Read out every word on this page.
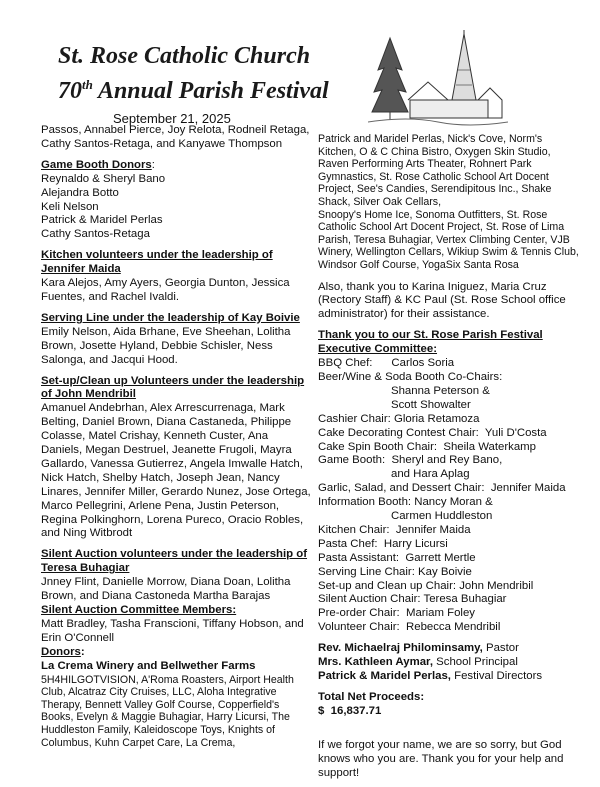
St. Rose Catholic Church
70th Annual Parish Festival
September 21, 2025

Passos, Annabel Pierce, Joy Relota, Rodneil Retaga, Cathy Santos-Retaga, and Kanyawe Thompson

Game Booth Donors:

Reynaldo & Sheryl Bano
Alejandra Botto
Keli Nelson
Patrick & Maridel Perlas
Cathy Santos-Retaga

Kitchen volunteers under the leadership of Jennifer Maida
Kara Alejos, Amy Ayers, Georgia Dunton, Jessica Fuentes, and Rachel Ivaldi.

Serving Line under the leadership of Kay Boivie
Emily Nelson, Aida Brhane, Eve Sheehan, Lolitha Brown, Josette Hyland, Debbie Schisler, Ness Salonga, and Jacqui Hood.

Set-up/Clean up Volunteers under the leadership of John Mendribil
Amanuel Andebrhan, Alex Arrescurrenaga, Mark Belting, Daniel Brown, Diana Castaneda, Philippe Colasse, Matel Crishay, Kenneth Custer, Ana Daniels, Megan Destruel, Jeanette Frugoli, Mayra Gallardo, Vanessa Gutierrez, Angela Imwalle Hatch, Nick Hatch, Shelby Hatch, Joseph Jean, Nancy Linares, Jennifer Miller, Gerardo Nunez, Jose Ortega, Marco Pellegrini, Arlene Pena, Justin Peterson, Regina Polkinghorn, Lorena Pureco, Oracio Robles, and Ning Witbrodt

Silent Auction volunteers under the leadership of Teresa Buhagiar
Jnney Flint, Danielle Morrow, Diana Doan, Lolitha Brown, and Diana Castoneda Martha Barajas
Silent Auction Committee Members:
Matt Bradley, Tasha Franscioni, Tiffany Hobson, and Erin O'Connell
Donors:
La Crema Winery and Bellwether Farms
5H4HILGOTVISION, A'Roma Roasters, Airport Health Club, Alcatraz City Cruises, LLC, Aloha Integrative Therapy, Bennett Valley Golf Course, Copperfield's Books, Evelyn & Maggie Buhagiar, Harry Licursi, The Huddleston Family, Kaleidoscope Toys, Knights of Columbus, Kuhn Carpet Care, La Crema,

Patrick and Maridel Perlas, Nick's Cove, Norm's Kitchen, O & C China Bistro, Oxygen Skin Studio, Raven Performing Arts Theater, Rohnert Park Gymnastics, St. Rose Catholic School Art Docent Project, See's Candies, Serendipitous Inc., Shake Shack, Silver Oak Cellars,
Snoopy's Home Ice, Sonoma Outfitters, St. Rose Catholic School Art Docent Project, St. Rose of Lima Parish, Teresa Buhagiar, Vertex Climbing Center, VJB Winery, Wellington Cellars, Wikiup Swim & Tennis Club, Windsor Golf Course, YogaSix Santa Rosa

Also, thank you to Karina Iniguez, Maria Cruz (Rectory Staff) & KC Paul (St. Rose School office administrator) for their assistance.

Thank you to our St. Rose Parish Festival
Executive Committee:
BBQ Chef:      Carlos Soria
Beer/Wine & Soda Booth Co-Chairs:
Shanna Peterson &
Scott Showalter
Cashier Chair: Gloria Retamoza
Cake Decorating Contest Chair:  Yuli D'Costa
Cake Spin Booth Chair:  Sheila Waterkamp
Game Booth:  Sheryl and Rey Bano,
and Hara Aplag
Garlic, Salad, and Dessert Chair:  Jennifer Maida
Information Booth: Nancy Moran &
Carmen Huddleston
Kitchen Chair:  Jennifer Maida
Pasta Chef:  Harry Licursi
Pasta Assistant:  Garrett Mertle
Serving Line Chair: Kay Boivie
Set-up and Clean up Chair: John Mendribil
Silent Auction Chair: Teresa Buhagiar
Pre-order Chair:  Mariam Foley
Volunteer Chair:  Rebecca Mendribil

Rev. Michaelraj Philominsamy, Pastor
Mrs. Kathleen Aymar, School Principal
Patrick & Maridel Perlas, Festival Directors

Total Net Proceeds:
$  16,837.71

If we forgot your name, we are so sorry, but God knows who you are. Thank you for your help and support!
